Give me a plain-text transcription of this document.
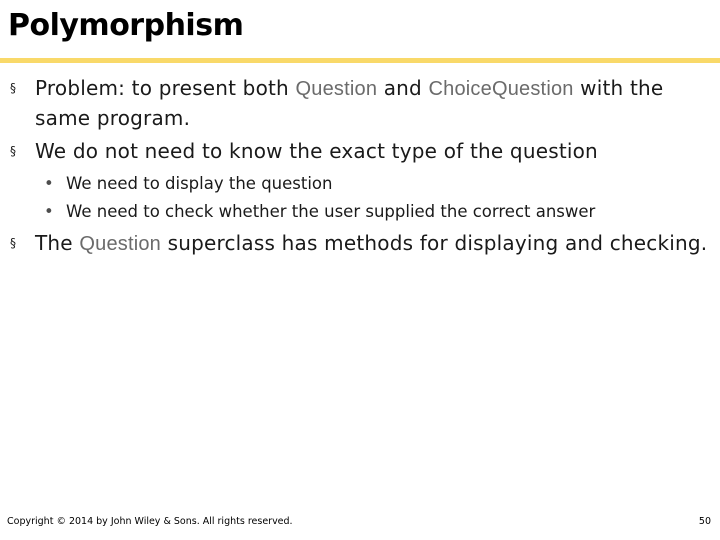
Polymorphism
§ Problem: to present both Question and ChoiceQuestion with the same program.
§ We do not need to know the exact type of the question
• We need to display the question
• We need to check whether the user supplied the correct answer
§ The Question superclass has methods for displaying and checking.
Copyright © 2014 by John Wiley & Sons. All rights reserved.	50
